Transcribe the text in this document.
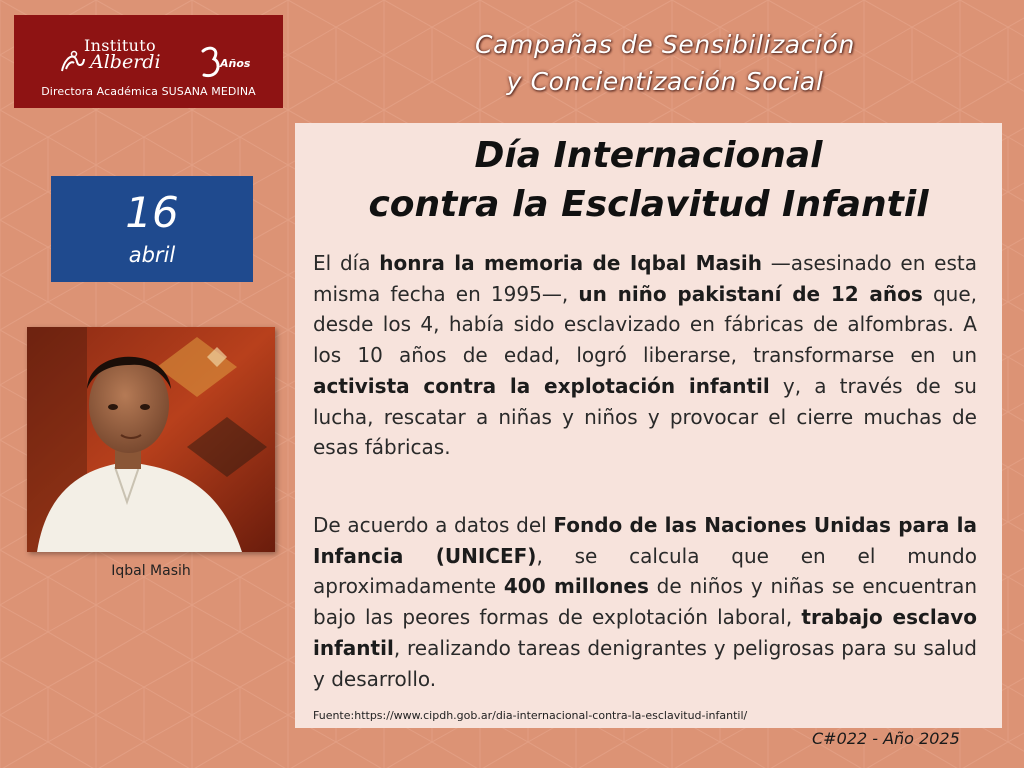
Instituto
Alberdi	Años
Directora Académica SUSANA MEDINA
Campañas de Sensibilización
y Concientización Social
16
abril
Iqbal Masih
Día Internacional
contra la Esclavitud Infantil

El día honra la memoria de Iqbal Masih —asesinado en esta misma fecha en 1995—, un niño pakistaní de 12 años que, desde los 4, había sido esclavizado en fábricas de alfombras. A los 10 años de edad, logró liberarse, transformarse en un activista contra la explotación infantil y, a través de su lucha, rescatar a niñas y niños y provocar el cierre muchas de esas fábricas.

De acuerdo a datos del Fondo de las Naciones Unidas para la Infancia (UNICEF), se calcula que en el mundo aproximadamente 400 millones de niños y niñas se encuentran bajo las peores formas de explotación laboral, trabajo esclavo infantil, realizando tareas denigrantes y peligrosas para su salud y desarrollo.

Fuente:https://www.cipdh.gob.ar/dia-internacional-contra-la-esclavitud-infantil/
C#022 - Año 2025
